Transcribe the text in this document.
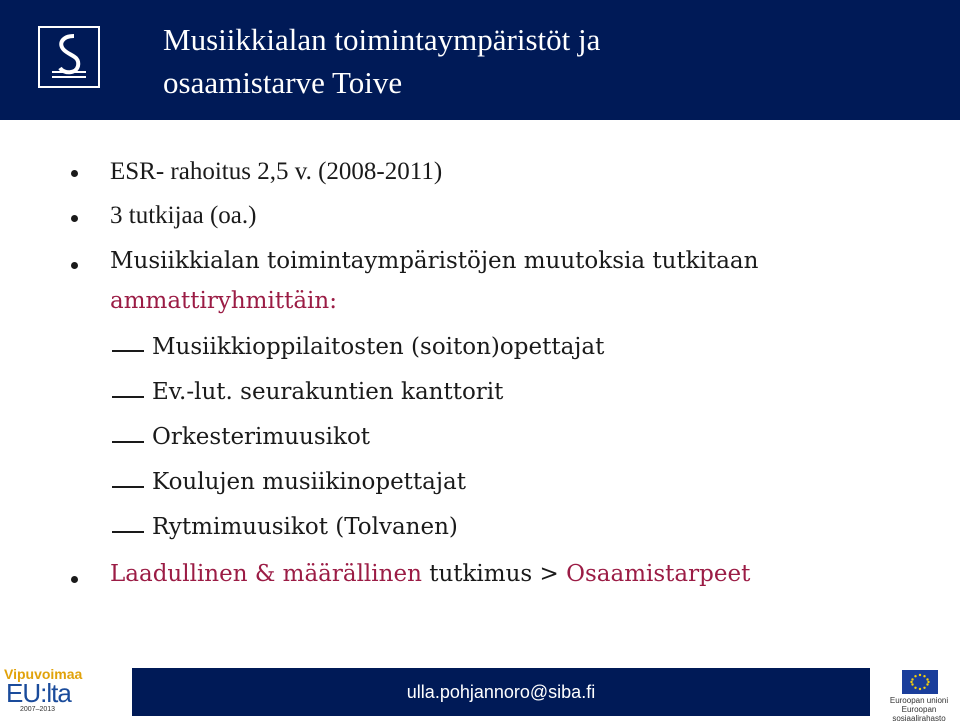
Musiikkialan toimintaympäristöt ja
osaamistarve Toive
ESR- rahoitus 2,5 v. (2008-2011)
3 tutkijaa (oa.)
Musiikkialan toimintaympäristöjen muutoksia tutkitaan
ammattiryhmittäin:
Musiikkioppilaitosten (soiton)opettajat
Ev.-lut. seurakuntien kanttorit
Orkesterimuusikot
Koulujen musiikinopettajat
Rytmimuusikot (Tolvanen)
Laadullinen & määrällinen tutkimus > Osaamistarpeet
Vipuvoimaa
EU:lta
2007–2013
ulla.pohjannoro@siba.fi	Euroopan unioni
Euroopan sosiaalirahasto
